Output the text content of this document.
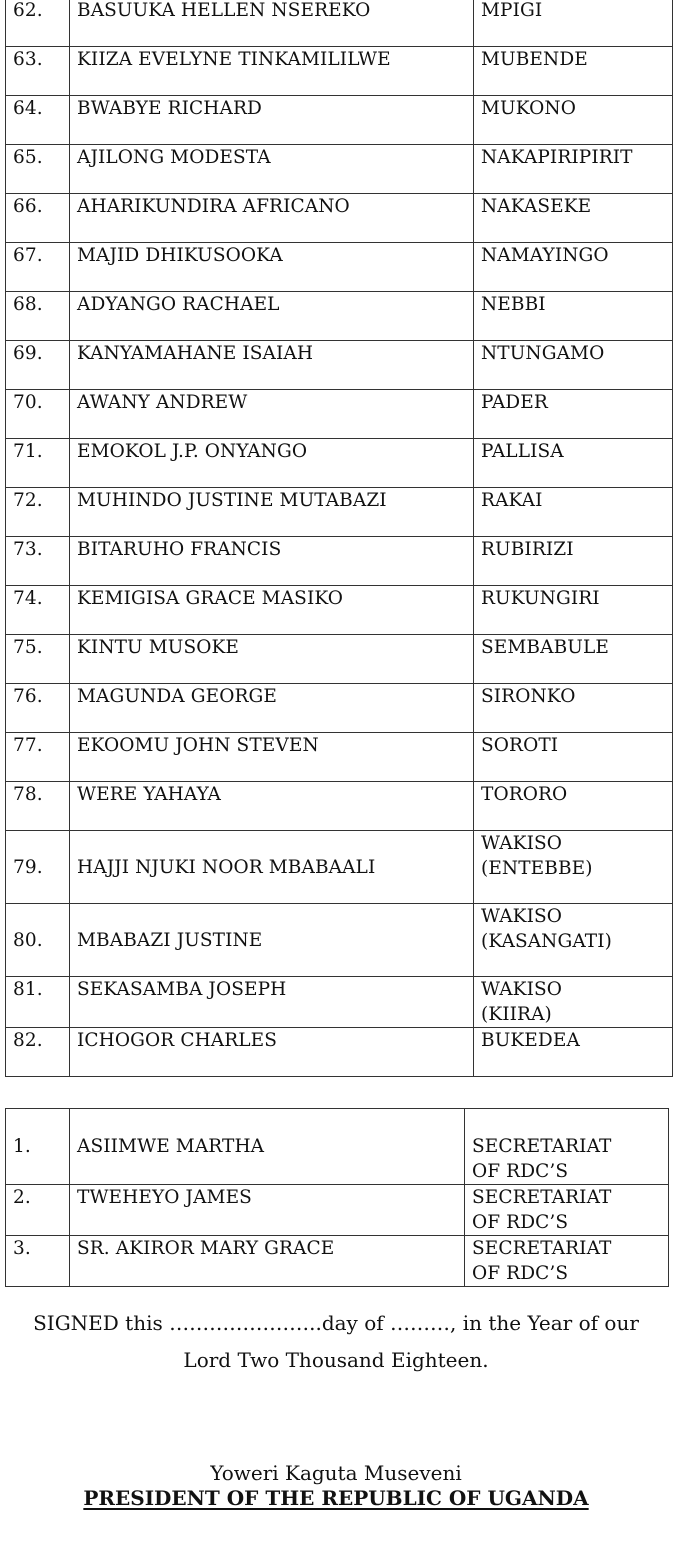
62.	BASUUKA HELLEN NSEREKO	MPIGI

63.	KIIZA EVELYNE TINKAMILILWE	MUBENDE

64.	BWABYE RICHARD	MUKONO

65.	AJILONG MODESTA	NAKAPIRIPIRIT

66.	AHARIKUNDIRA AFRICANO	NAKASEKE

67.	MAJID DHIKUSOOKA	NAMAYINGO

68.	ADYANGO RACHAEL	NEBBI

69.	KANYAMAHANE ISAIAH	NTUNGAMO

70.	AWANY ANDREW	PADER

71.	EMOKOL J.P. ONYANGO	PALLISA

72.	MUHINDO JUSTINE MUTABAZI	RAKAI

73.	BITARUHO FRANCIS	RUBIRIZI

74.	KEMIGISA GRACE MASIKO	RUKUNGIRI

75.	KINTU MUSOKE	SEMBABULE

76.	MAGUNDA GEORGE	SIRONKO

77.	EKOOMU JOHN STEVEN	SOROTI

78.	WERE YAHAYA	TORORO

79.	HAJJI NJUKI NOOR MBABAALI	WAKISO
(ENTEBBE)

80.	MBABAZI JUSTINE	WAKISO
(KASANGATI)

81.	SEKASAMBA JOSEPH	WAKISO
(KIIRA)

82.	ICHOGOR CHARLES	BUKEDEA
1.	ASIIMWE MARTHA	SECRETARIAT
OF RDC’S

2.	TWEHEYO JAMES	SECRETARIAT
OF RDC’S

3.	SR. AKIROR MARY GRACE	SECRETARIAT
OF RDC’S
SIGNED this …………………..day of ………, in the Year of our
Lord Two Thousand Eighteen.
Yoweri Kaguta Museveni
PRESIDENT OF THE REPUBLIC OF UGANDA
